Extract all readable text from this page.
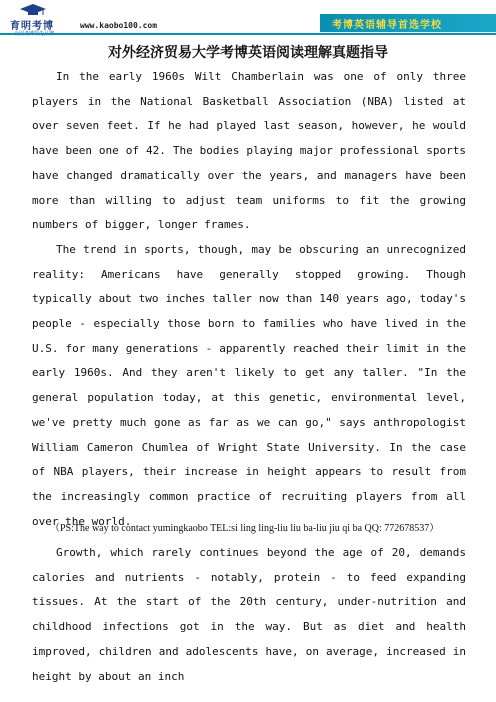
育明考博	www.kaobo100.com	考博英语辅导首选学校
对外经济贸易大学考博英语阅读理解真题指导

In the early 1960s Wilt Chamberlain was one of only three players in the National Basketball Association (NBA) listed at over seven feet. If he had played last season, however, he would have been one of 42. The bodies playing major professional sports have changed dramatically over the years, and managers have been more than willing to adjust team uniforms to fit the growing numbers of bigger, longer frames.

The trend in sports, though, may be obscuring an unrecognized reality: Americans have generally stopped growing. Though typically about two inches taller now than 140 years ago, today's people - especially those born to families who have lived in the U.S. for many generations - apparently reached their limit in the early 1960s. And they aren't likely to get any taller. "In the general population today, at this genetic, environmental level, we've pretty much gone as far as we can go," says anthropologist William Cameron Chumlea of Wright State University. In the case of NBA players, their increase in height appears to result from the increasingly common practice of recruiting players from all over the world.

（PS:The way to contact yumingkaobo TEL:si ling ling-liu liu ba-liu jiu qi ba QQ: 772678537）

Growth, which rarely continues beyond the age of 20, demands calories and nutrients - notably, protein - to feed expanding tissues. At the start of the 20th century, under-nutrition and childhood infections got in the way. But as diet and health improved, children and adolescents have, on average, increased in height by about an inch
